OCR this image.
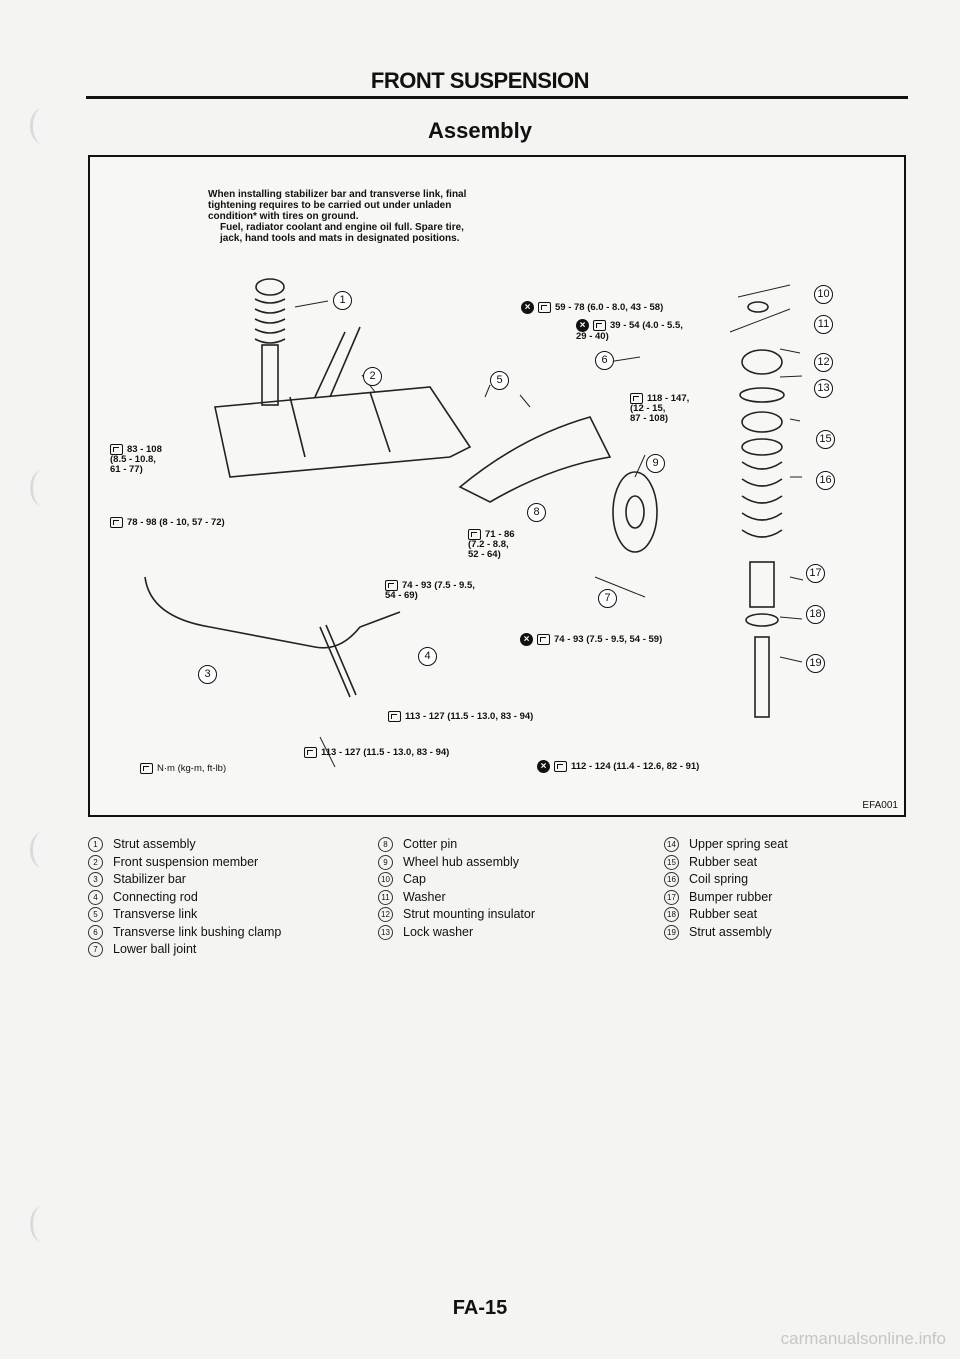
FRONT SUSPENSION
Assembly

When installing stabilizer bar and transverse link, final

tightening requires to be carried out under unladen

condition* with tires on ground.

Fuel, radiator coolant and engine oil full. Spare tire,

jack, hand tools and mats in designated positions.

×	59 - 78 (6.0 - 8.0, 43 - 58)
×	39 - 54 (4.0 - 5.5,
29 - 40)
118 - 147,
(12 - 15,
87 - 108)
83 - 108
(8.5 - 10.8,
61 - 77)
78 - 98 (8 - 10, 57 - 72)
71 - 86
(7.2 - 8.8,
52 - 64)
74 - 93 (7.5 - 9.5,
54 - 69)
×	74 - 93 (7.5 - 9.5, 54 - 59)
113 - 127 (11.5 - 13.0, 83 - 94)
113 - 127 (11.5 - 13.0, 83 - 94)
×	112 - 124 (11.4 - 12.6, 82 - 91)
N·m (kg-m, ft-lb)
1
2
3
4
5
6
7
8
9
10
11
12
13
15
16
17
18
19
EFA001
1	Strut assembly
2	Front suspension member
3	Stabilizer bar
4	Connecting rod
5	Transverse link
6	Transverse link bushing clamp
7	Lower ball joint
8	Cotter pin
9	Wheel hub assembly
10 Cap
11 Washer
12 Strut mounting insulator
13 Lock washer
14 Upper spring seat
15 Rubber seat
16 Coil spring
17 Bumper rubber
18 Rubber seat
19 Strut assembly
FA-15
carmanualsonline.info
